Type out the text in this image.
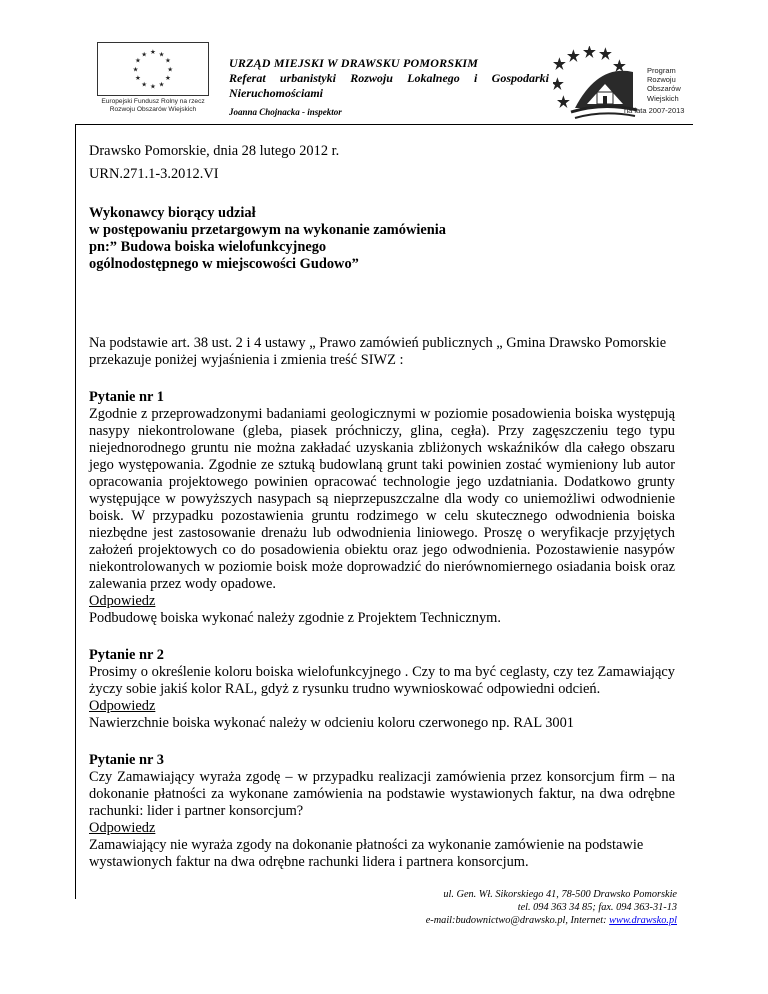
★ ★
★
★
★
★
★
★
★
★
★
★
Europejski Fundusz Rolny na rzecz Rozwoju Obszarów Wiejskich
URZĄD MIEJSKI W DRAWSKU POMORSKIM
Referat urbanistyki Rozwoju Lokalnego i Gospodarki Nieruchomościami
Joanna Chojnacka - inspektor
Program
Rozwoju
Obszarów
Wiejskich
na lata 2007-2013

Drawsko Pomorskie, dnia 28 lutego 2012 r.

URN.271.1-3.2012.VI

Wykonawcy biorący udział
w postępowaniu przetargowym na wykonanie zamówienia
pn:” Budowa boiska wielofunkcyjnego
ogólnodostępnego w miejscowości Gudowo”

Na podstawie art. 38 ust. 2 i 4 ustawy „ Prawo zamówień publicznych „ Gmina Drawsko Pomorskie przekazuje poniżej wyjaśnienia i zmienia treść SIWZ :

Pytanie nr 1

Zgodnie z przeprowadzonymi badaniami geologicznymi w poziomie posadowienia boiska występują nasypy niekontrolowane (gleba, piasek próchniczy, glina, cegła). Przy zagęszczeniu tego typu niejednorodnego gruntu nie można zakładać uzyskania zbliżonych wskaźników dla całego obszaru jego występowania. Zgodnie ze sztuką budowlaną grunt taki powinien zostać wymieniony lub autor opracowania projektowego powinien opracować technologie jego uzdatniania. Dodatkowo grunty występujące w powyższych nasypach są nieprzepuszczalne dla wody co uniemożliwi odwodnienie boisk. W przypadku pozostawienia gruntu rodzimego w celu skutecznego odwodnienia boiska niezbędne jest zastosowanie drenażu lub odwodnienia liniowego. Proszę o weryfikacje przyjętych założeń projektowych co do posadowienia obiektu oraz jego odwodnienia. Pozostawienie nasypów niekontrolowanych w poziomie boisk może doprowadzić do nierównomiernego osiadania boisk oraz zalewania przez wody opadowe.

Odpowiedz

Podbudowę boiska wykonać należy zgodnie z Projektem Technicznym.

Pytanie nr 2

Prosimy o określenie koloru boiska wielofunkcyjnego . Czy to ma być ceglasty, czy tez Zamawiający życzy sobie jakiś kolor RAL, gdyż z rysunku trudno wywnioskować odpowiedni odcień.

Odpowiedz

Nawierzchnie boiska wykonać należy w odcieniu koloru czerwonego np. RAL 3001

Pytanie nr 3

Czy Zamawiający wyraża zgodę – w przypadku realizacji zamówienia przez konsorcjum firm – na dokonanie płatności za wykonane zamówienia na podstawie wystawionych faktur, na dwa odrębne rachunki: lider i partner konsorcjum?

Odpowiedz

Zamawiający nie wyraża zgody na dokonanie płatności za wykonanie zamówienie na podstawie wystawionych faktur na dwa odrębne rachunki lidera i partnera konsorcjum.

ul. Gen. Wł. Sikorskiego 41, 78-500 Drawsko Pomorskie
tel. 094 363 34 85; fax. 094 363-31-13
e-mail:budownictwo@drawsko.pl, Internet: www.drawsko.pl
